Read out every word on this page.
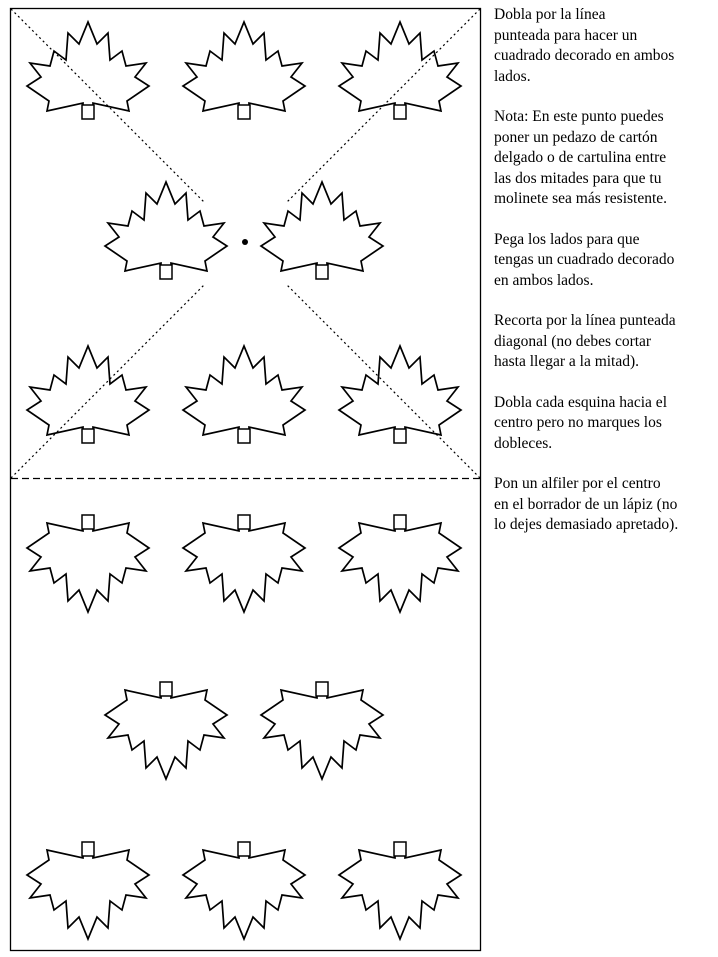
Dobla por la línea
punteada para hacer un
cuadrado decorado en ambos
lados.

Nota: En este punto puedes
poner un pedazo de cartón
delgado o de cartulina entre
las dos mitades para que tu
molinete sea más resistente.

Pega los lados para que
tengas un cuadrado decorado
en ambos lados.

Recorta por la línea punteada
diagonal (no debes cortar
hasta llegar a la mitad).

Dobla cada esquina hacia el
centro pero no marques los
dobleces.

Pon un alfiler por el centro
en el borrador de un lápiz (no
lo dejes demasiado apretado).
